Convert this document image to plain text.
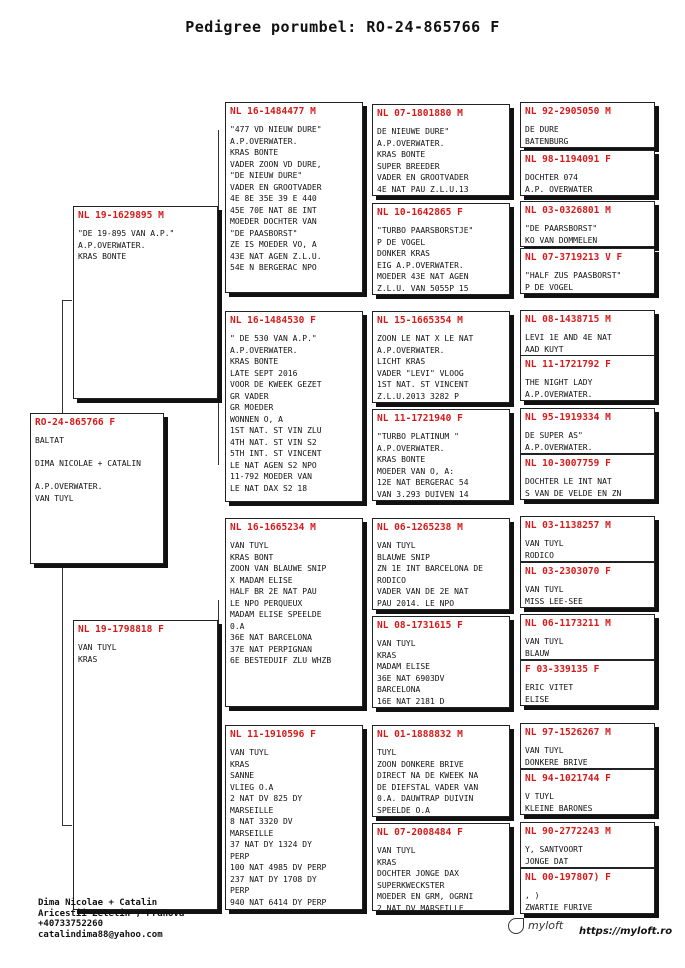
Pedigree porumbel: RO-24-865766 F
RO-24-865766 F
BALTAT

DIMA NICOLAE + CATALIN

A.P.OVERWATER.
VAN TUYL
NL 19-1629895 M
"DE 19-895 VAN A.P."
A.P.OVERWATER.
KRAS BONTE
NL 19-1798818 F
VAN TUYL
KRAS
NL 16-1484477 M
"477 VD NIEUW DURE"
A.P.OVERWATER.
KRAS BONTE
VADER ZOON VD DURE,
"DE NIEUW DURE"
VADER EN GROOTVADER
4E 8E 35E 39 E 440
45E 70E NAT 8E INT
MOEDER DOCHTER VAN
"DE PAASBORST"
ZE IS MOEDER VO, A
43E NAT AGEN Z.L.U.
54E N BERGERAC NPO
NL 16-1484530 F
" DE 530 VAN A.P."
A.P.OVERWATER.
KRAS BONTE
LATE SEPT 2016
VOOR DE KWEEK GEZET
GR VADER
GR MOEDER
WONNEN O, A
1ST NAT. ST VIN ZLU
4TH NAT. ST VIN S2
5TH INT. ST VINCENT
LE NAT AGEN S2 NPO
11-792 MOEDER VAN
LE NAT DAX S2 18
NL 16-1665234 M
VAN TUYL
KRAS BONT
ZOON VAN BLAUWE SNIP
X MADAM ELISE
HALF BR 2E NAT PAU
LE NPO PERQUEUX
MADAM ELISE SPEELDE
0.A
36E NAT BARCELONA
37E NAT PERPIGNAN
6E BESTEDUIF ZLU WHZB
NL 11-1910596 F
VAN TUYL
KRAS
SANNE
VLIEG O.A
2 NAT DV 825 DY
MARSEILLE
8 NAT 3320 DV
MARSEILLE
37 NAT DY 1324 DY
PERP
100 NAT 4985 DV PERP
237 NAT DY 1708 DY
PERP
940 NAT 6414 DY PERP
NL 07-1801880 M
DE NIEUWE DURE"
A.P.OVERWATER.
KRAS BONTE
SUPER BREEDER
VADER EN GROOTVADER
4E NAT PAU Z.L.U.13
NL 10-1642865 F
"TURBO PAARSBORSTJE"
P DE VOGEL
DONKER KRAS
EIG A.P.OVERWATER.
MOEDER 43E NAT AGEN
Z.L.U. VAN 5055P 15
NL 15-1665354 M
ZOON LE NAT X LE NAT
A.P.OVERWATER.
LICHT KRAS
VADER "LEVI" VLOOG
1ST NAT. ST VINCENT
Z.L.U.2013 3282 P
NL 11-1721940 F
"TURBO PLATINUM "
A.P.OVERWATER.
KRAS BONTE
MOEDER VAN O, A:
12E NAT BERGERAC 54
VAN 3.293 DUIVEN 14
NL 06-1265238 M
VAN TUYL
BLAUWE SNIP
ZN 1E INT BARCELONA DE
RODICO
VADER VAN DE 2E NAT
PAU 2014. LE NPO
NL 08-1731615 F
VAN TUYL
KRAS
MADAM ELISE
36E NAT 6903DV
BARCELONA
16E NAT 2181 D
NL 01-1888832 M
TUYL
ZOON DONKERE BRIVE
DIRECT NA DE KWEEK NA
DE DIEFSTAL VADER VAN
0.A. DAUWTRAP DUIVIN
SPEELDE O.A
NL 07-2008484 F
VAN TUYL
KRAS
DOCHTER JONGE DAX
SUPERKWECKSTER
MOEDER EN GRM, OGRNI
2 NAT DV MARSEILLE
NL 92-2905050 M
DE DURE
BATENBURG
NL 98-1194091 F
DOCHTER 074
A.P. OVERWATER
NL 03-0326801 M
"DE PAARSBORST"
KO VAN DOMMELEN
NL 07-3719213 V F
"HALF ZUS PAASBORST"
P DE VOGEL
NL 08-1438715 M
LEVI 1E AND 4E NAT
AAD KUYT
NL 11-1721792 F
THE NIGHT LADY
A.P.OVERWATER.
NL 95-1919334 M
DE SUPER AS"
A.P.OVERWATER.
NL 10-3007759 F
DOCHTER LE INT NAT
S VAN DE VELDE EN ZN
NL 03-1138257 M
VAN TUYL
RODICO
NL 03-2303070 F
VAN TUYL
MISS LEE-SEE
NL 06-1173211 M
VAN TUYL
BLAUW
F 03-339135 F
ERIC VITET
ELISE
NL 97-1526267 M
VAN TUYL
DONKERE BRIVE
NL 94-1021744 F
V TUYL
KLEINE BARONES
NL 90-2772243 M
Y, SANTVOORT
JONGE DAT
NL 00-197807) F
, )
ZWARTIE FURIVE
Dima Nicolae + Catalin
Aricestii-Zeletin , Prahova
+40733752260
catalindima88@yahoo.com
myloft https://myloft.ro
